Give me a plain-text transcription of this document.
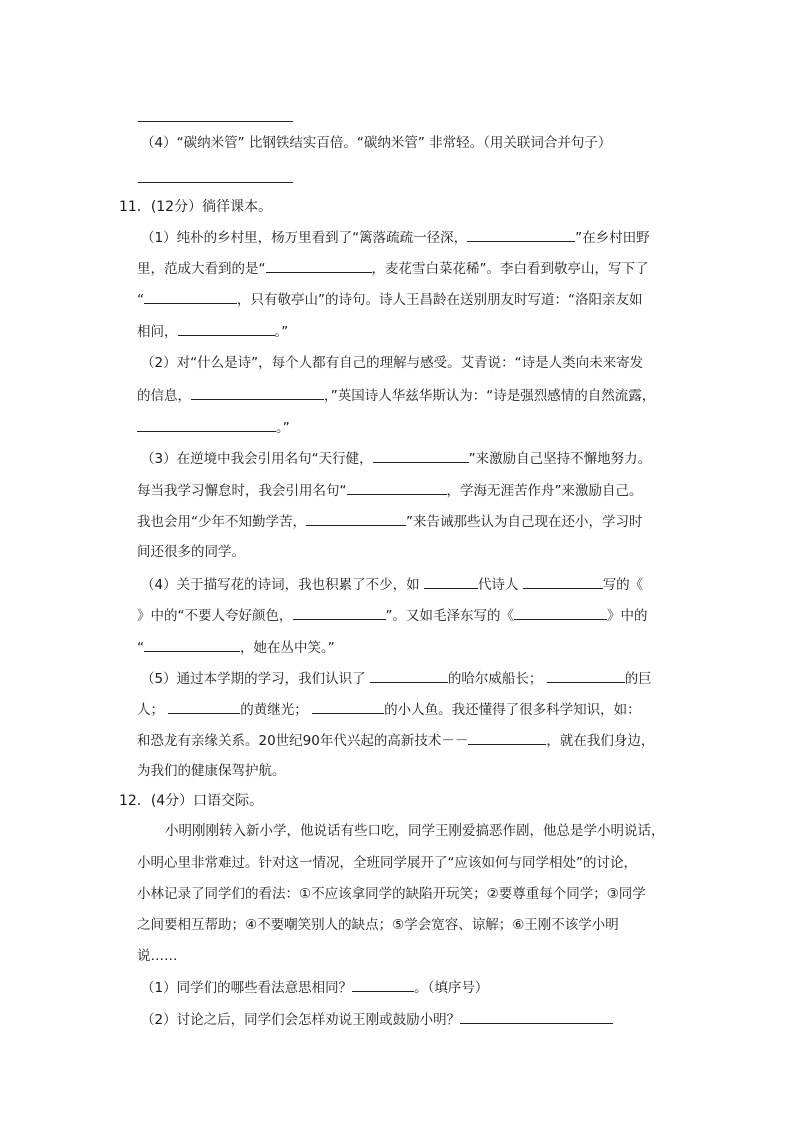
（4）“碳纳米管” 比钢铁结实百倍。“碳纳米管” 非常轻。（用关联词合并句子）
11．(12分）徜徉课本。
（1）纯朴的乡村里，杨万里看到了“篱落疏疏一径深，	”在乡村田野
里，范成大看到的是“	，麦花雪白菜花稀”。李白看到敬亭山，写下了
“	，只有敬亭山”的诗句。诗人王昌龄在送别朋友时写道：“洛阳亲友如
相问，	。”
（2）对“什么是诗”，每个人都有自己的理解与感受。艾青说：“诗是人类向未来寄发
的信息，	，”英国诗人华兹华斯认为：“诗是强烈感情的自然流露，
。”
（3）在逆境中我会引用名句“天行健，	”来激励自己坚持不懈地努力。
每当我学习懈怠时，我会引用名句“	，学海无涯苦作舟”来激励自己。
我也会用“少年不知勤学苦，	”来告诫那些认为自己现在还小，学习时
间还很多的同学。
（4）关于描写花的诗词，我也积累了不少，如	代诗人	写的《
》中的“不要人夸好颜色，	”。又如毛泽东写的《	》中的
“	，她在丛中笑。”
（5）通过本学期的学习，我们认识了	的哈尔威船长；	的巨
人；	的黄继光；	的小人鱼。我还懂得了很多科学知识，如：
和恐龙有亲缘关系。20世纪90年代兴起的高新技术－－	，就在我们身边，
为我们的健康保驾护航。
12．(4分）口语交际。
小明刚刚转入新小学，他说话有些口吃，同学王刚爱搞恶作剧，他总是学小明说话，
小明心里非常难过。针对这一情况，全班同学展开了“应该如何与同学相处”的讨论，
小林记录了同学们的看法：①不应该拿同学的缺陷开玩笑；②要尊重每个同学；③同学
之间要相互帮助；④不要嘲笑别人的缺点；⑤学会宽容、谅解；⑥王刚不该学小明
说……
（1）同学们的哪些看法意思相同？	。（填序号）
（2）讨论之后，同学们会怎样劝说王刚或鼓励小明？
